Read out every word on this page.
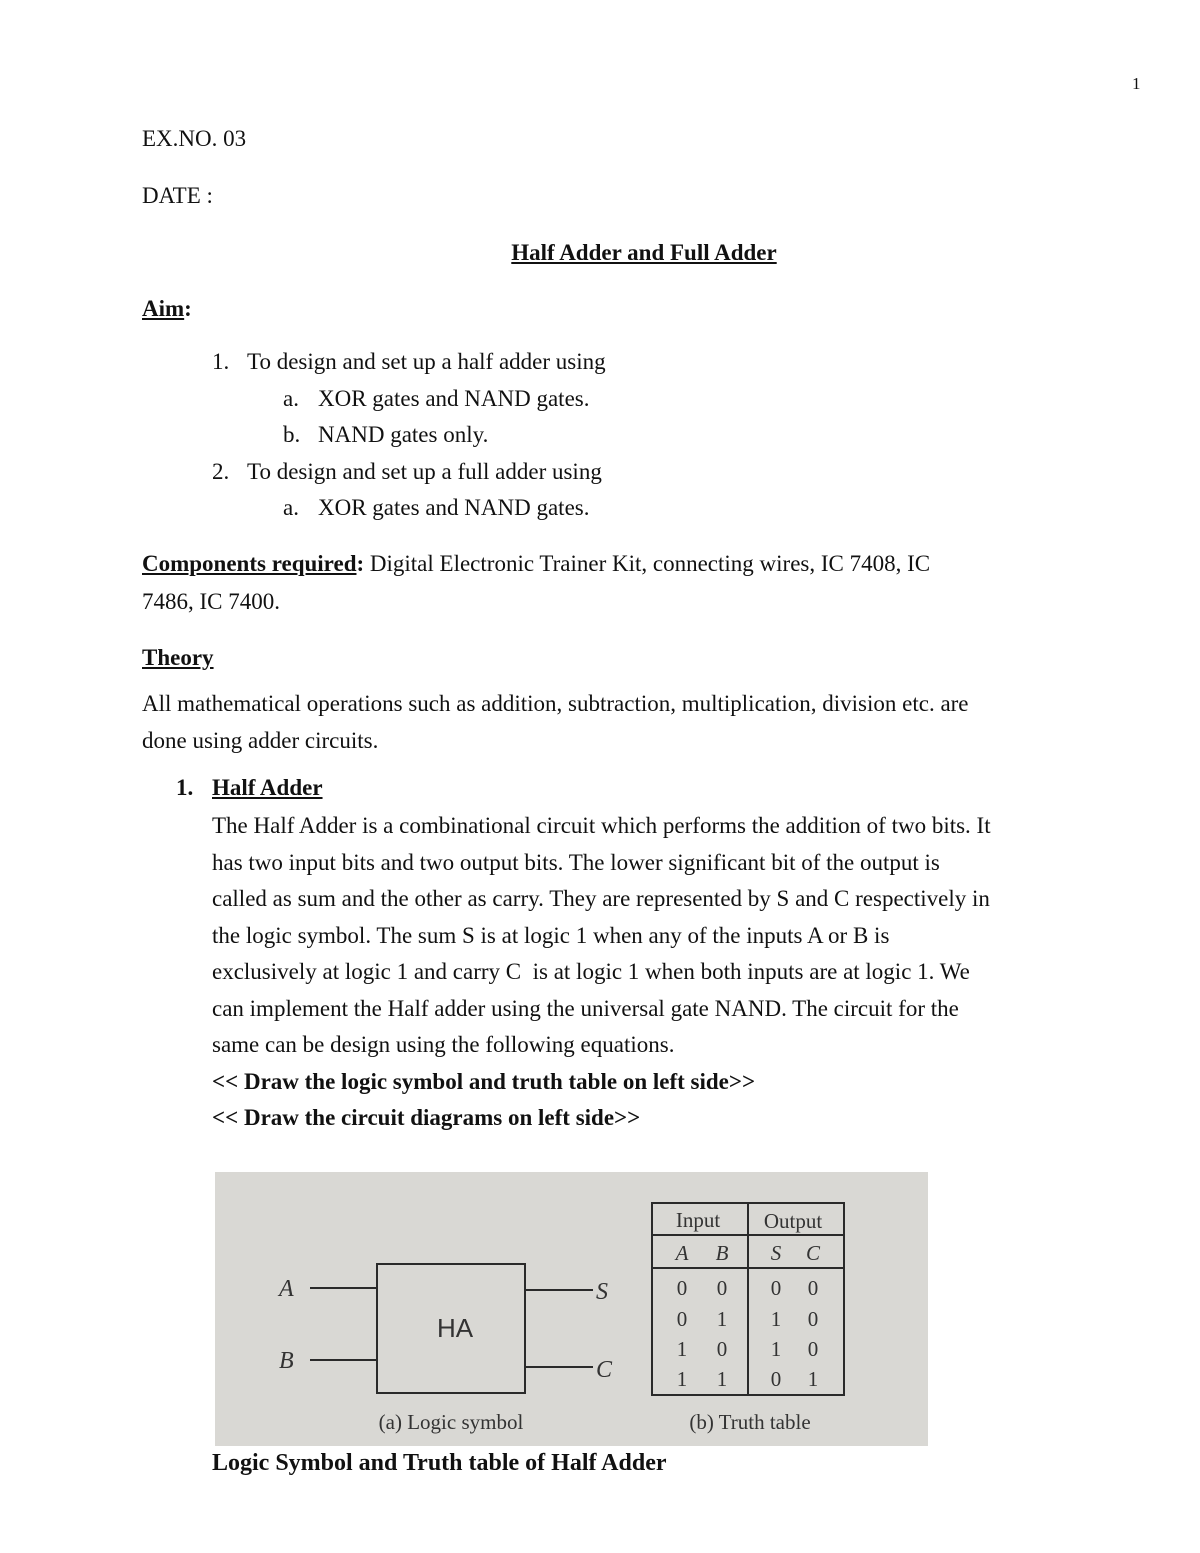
1
EX.NO. 03
DATE :
Half Adder and Full Adder
Aim:
1. To design and set up a half adder using
a. XOR gates and NAND gates.
b. NAND gates only.
2. To design and set up a full adder using
a. XOR gates and NAND gates.
Components required: Digital Electronic Trainer Kit, connecting wires, IC 7408, IC
7486, IC 7400.
Theory
All mathematical operations such as addition, subtraction, multiplication, division etc. are
done using adder circuits.
1. Half Adder
The Half Adder is a combinational circuit which performs the addition of two bits. It
has two input bits and two output bits. The lower significant bit of the output is
called as sum and the other as carry. They are represented by S and C respectively in
the logic symbol. The sum S is at logic 1 when any of the inputs A or B is
exclusively at logic 1 and carry C  is at logic 1 when both inputs are at logic 1. We
can implement the Half adder using the universal gate NAND. The circuit for the
same can be design using the following equations.
<< Draw the logic symbol and truth table on left side>>
<< Draw the circuit diagrams on left side>>
HA
A
B
S
C
(a) Logic symbol
Input Output
A B S C
0 0 0 0
0 1 1 0
1 0 1 0
1 1 0 1
(b) Truth table
Logic Symbol and Truth table of Half Adder
